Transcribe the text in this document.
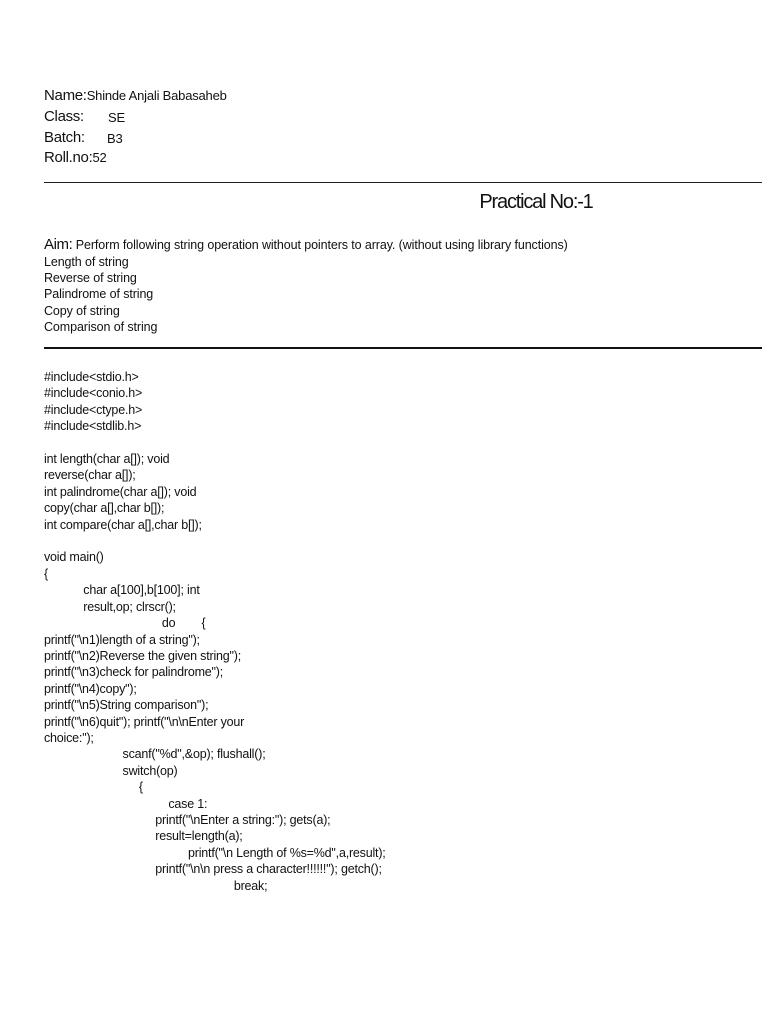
Name:Shinde Anjali Babasaheb
Class: SE
Batch: B3
Roll.no:52
Practical No:-1
Aim: Perform following string operation without pointers to array. (without using library functions)
Length of string
Reverse of string
Palindrome of string
Copy of string
Comparison of string
#include<stdio.h>
#include<conio.h>
#include<ctype.h>
#include<stdlib.h>

int length(char a[]); void
reverse(char a[]);
int palindrome(char a[]); void
copy(char a[],char b[]);
int compare(char a[],char b[]);

void main()
{
char a[100],b[100]; int
result,op; clrscr();
do        {
printf("\n1)length of a string");
printf("\n2)Reverse the given string");
printf("\n3)check for palindrome");
printf("\n4)copy");
printf("\n5)String comparison");
printf("\n6)quit"); printf("\n\nEnter your
choice:");
scanf("%d",&op); flushall();
switch(op)
{
case 1:
printf("\nEnter a string:"); gets(a);
result=length(a);
printf("\n Length of %s=%d",a,result);
printf("\n\n press a character!!!!!!"); getch();
break;
